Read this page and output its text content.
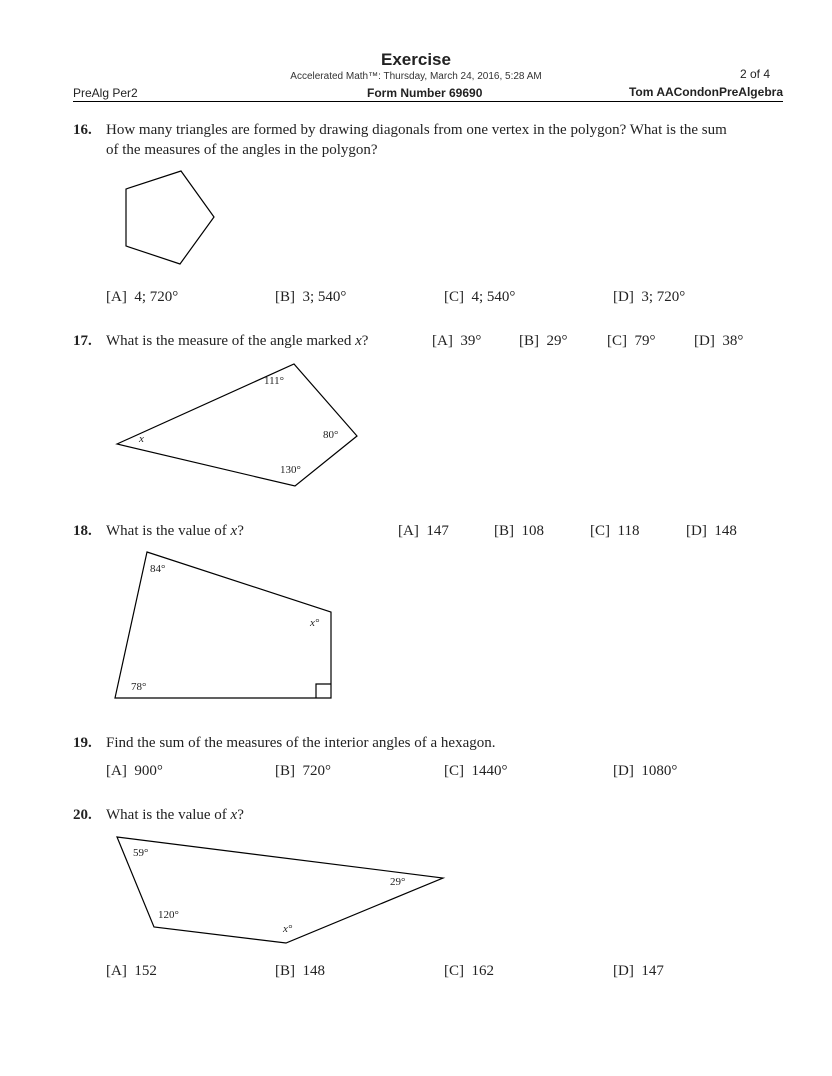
Exercise
Accelerated Math™: Thursday, March 24, 2016, 5:28 AM	2 of 4
PreAlg Per2	Form Number 69690	Tom AACondonPreAlgebra
16. How many triangles are formed by drawing diagonals from one vertex in the polygon? What is the sum
of the measures of the angles in the polygon?
[A] 4; 720°	[B] 3; 540°	[C] 4; 540°	[D] 3; 720°
17. What is the measure of the angle marked x?	[A] 39°	[B] 29°	[C] 79°	[D] 38°
111°
80°
x
130°
18. What is the value of x?	[A] 147	[B] 108	[C] 118	[D] 148
84°
x°
78°
19. Find the sum of the measures of the interior angles of a hexagon.
[A] 900°	[B] 720°	[C] 1440°	[D] 1080°
20. What is the value of x?
59°
29°
120°
x°
[A] 152	[B] 148	[C] 162	[D] 147
